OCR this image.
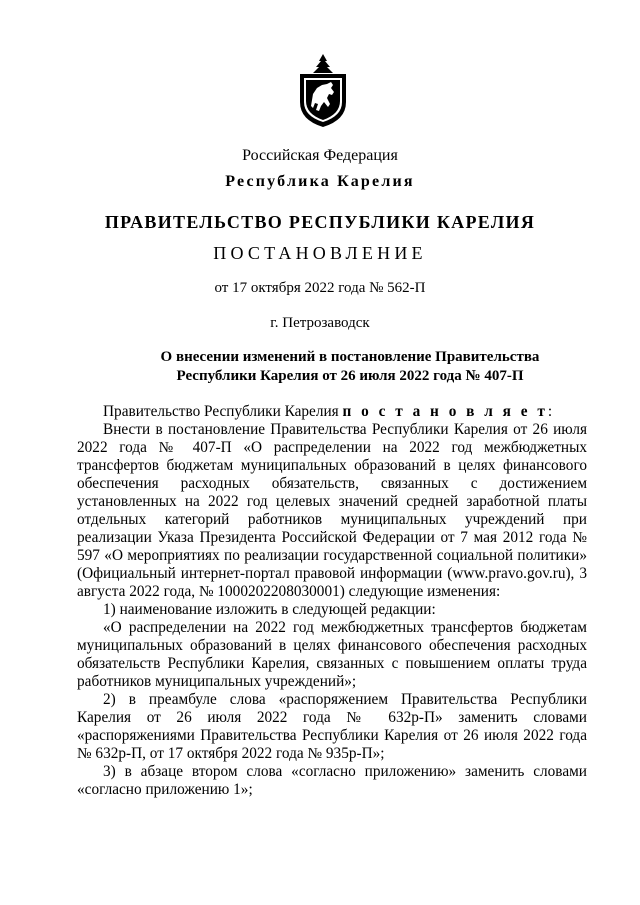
Российская Федерация
Республика Карелия
ПРАВИТЕЛЬСТВО РЕСПУБЛИКИ КАРЕЛИЯ
ПОСТАНОВЛЕНИЕ
от 17 октября 2022 года № 562-П
г. Петрозаводск
О внесении изменений в постановление Правительства
Республики Карелия от 26 июля 2022 года № 407-П

Правительство Республики Карелия п о с т а н о в л я е т:

Внести в постановление Правительства Республики Карелия от 26 июля 2022 года № 407-П «О распределении на 2022 год межбюджетных трансфертов бюджетам муниципальных образований в целях финансового обеспечения расходных обязательств, связанных с достижением установленных на 2022 год целевых значений средней заработной платы отдельных категорий работников муниципальных учреждений при реализации Указа Президента Российской Федерации от 7 мая 2012 года № 597 «О мероприятиях по реализации государственной социальной политики» (Официальный интернет-портал правовой информации (www.pravo.gov.ru), 3 августа 2022 года, № 1000202208030001) следующие изменения:

1) наименование изложить в следующей редакции:

«О распределении на 2022 год межбюджетных трансфертов бюджетам муниципальных образований в целях финансового обеспечения расходных обязательств Республики Карелия, связанных с повышением оплаты труда работников муниципальных учреждений»;

2) в преамбуле слова «распоряжением Правительства Республики Карелия от 26 июля 2022 года № 632р-П» заменить словами «распоряжениями Правительства Республики Карелия от 26 июля 2022 года № 632р-П, от 17 октября 2022 года № 935р-П»;

3) в абзаце втором слова «согласно приложению» заменить словами «согласно приложению 1»;
